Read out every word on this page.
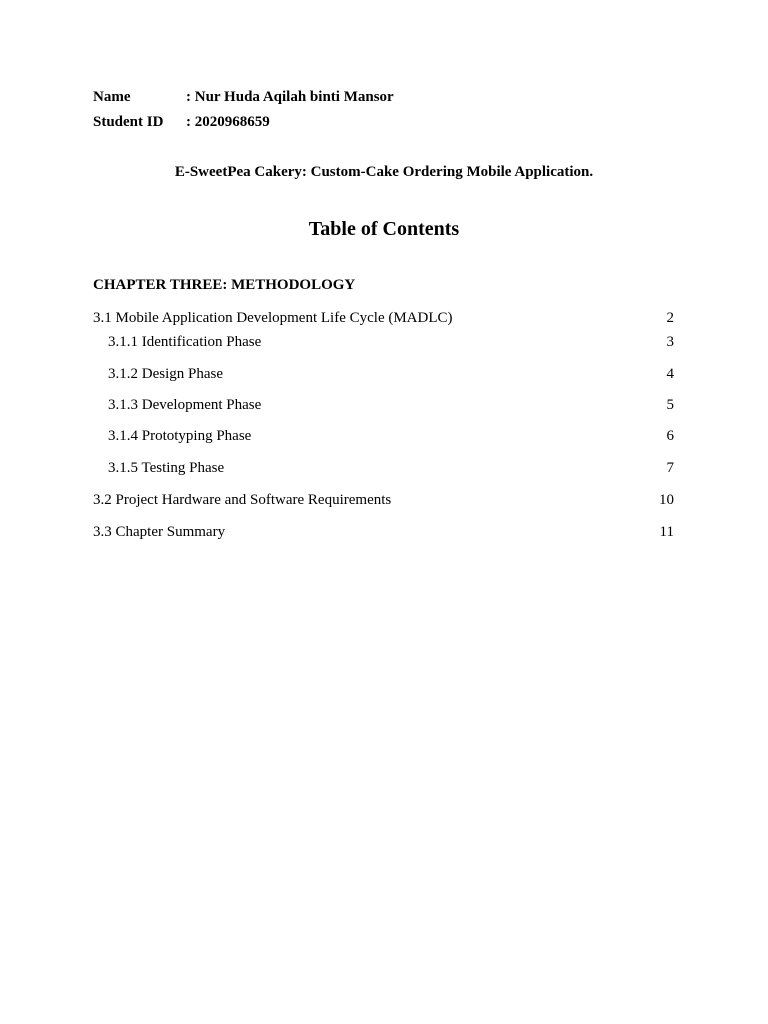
Name	: Nur Huda Aqilah binti Mansor
Student ID : 2020968659
E-SweetPea Cakery: Custom-Cake Ordering Mobile Application.
Table of Contents
CHAPTER THREE: METHODOLOGY
3.1 Mobile Application Development Life Cycle (MADLC)	2
3.1.1 Identification Phase	3
3.1.2 Design Phase	4
3.1.3 Development Phase	5
3.1.4 Prototyping Phase	6
3.1.5 Testing Phase	7
3.2 Project Hardware and Software Requirements	10
3.3 Chapter Summary	11
